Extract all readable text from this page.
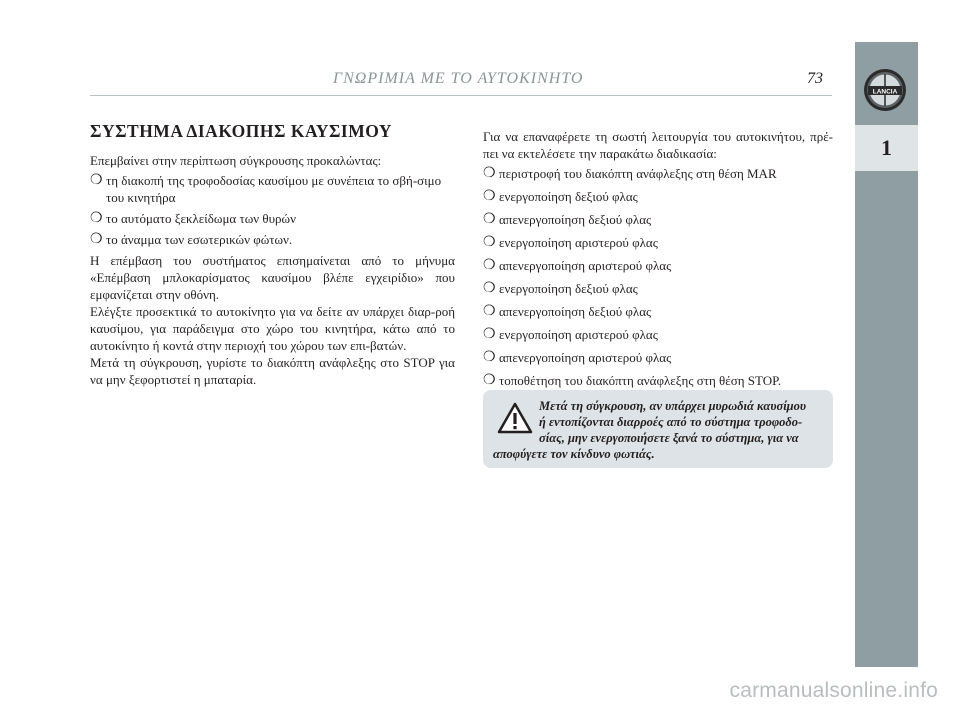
ΓΝΩΡΙΜΙΑ ΜΕ ΤΟ ΑΥΤΟΚΙΝΗΤΟ	73
LANCIA
1
ΣΥΣΤΗΜΑ ΔΙΑΚΟΠΗΣ ΚΑΥΣΙΜΟΥ

Επεμβαίνει στην περίπτωση σύγκρουσης προκαλώντας:

❍ τη διακοπή της τροφοδοσίας καυσίμου με συνέπεια το σβή-σιμο του κινητήρα
❍ το αυτόματο ξεκλείδωμα των θυρών
❍ το άναμμα των εσωτερικών φώτων.

Η επέμβαση του συστήματος επισημαίνεται από το μήνυμα «Επέμβαση μπλοκαρίσματος καυσίμου βλέπε εγχειρίδιο» που εμφανίζεται στην οθόνη.

Ελέγξτε προσεκτικά το αυτοκίνητο για να δείτε αν υπάρχει διαρ-ροή καυσίμου, για παράδειγμα στο χώρο του κινητήρα, κάτω από το αυτοκίνητο ή κοντά στην περιοχή του χώρου των επι-βατών.

Μετά τη σύγκρουση, γυρίστε το διακόπτη ανάφλεξης στο STOP για να μην ξεφορτιστεί η μπαταρία.

Για να επαναφέρετε τη σωστή λειτουργία του αυτοκινήτου, πρέ-πει να εκτελέσετε την παρακάτω διαδικασία:

❍ περιστροφή του διακόπτη ανάφλεξης στη θέση MAR
❍ ενεργοποίηση δεξιού φλας
❍ απενεργοποίηση δεξιού φλας
❍ ενεργοποίηση αριστερού φλας
❍ απενεργοποίηση αριστερού φλας
❍ ενεργοποίηση δεξιού φλας
❍ απενεργοποίηση δεξιού φλας
❍ ενεργοποίηση αριστερού φλας
❍ απενεργοποίηση αριστερού φλας
❍ τοποθέτηση του διακόπτη ανάφλεξης στη θέση STOP.

Μετά τη σύγκρουση, αν υπάρχει μυρωδιά καυσίμου
ή εντοπίζονται διαρροές από το σύστημα τροφοδο-
σίας, μην ενεργοποιήσετε ξανά το σύστημα, για να
αποφύγετε τον κίνδυνο φωτιάς.

carmanualsonline.info
